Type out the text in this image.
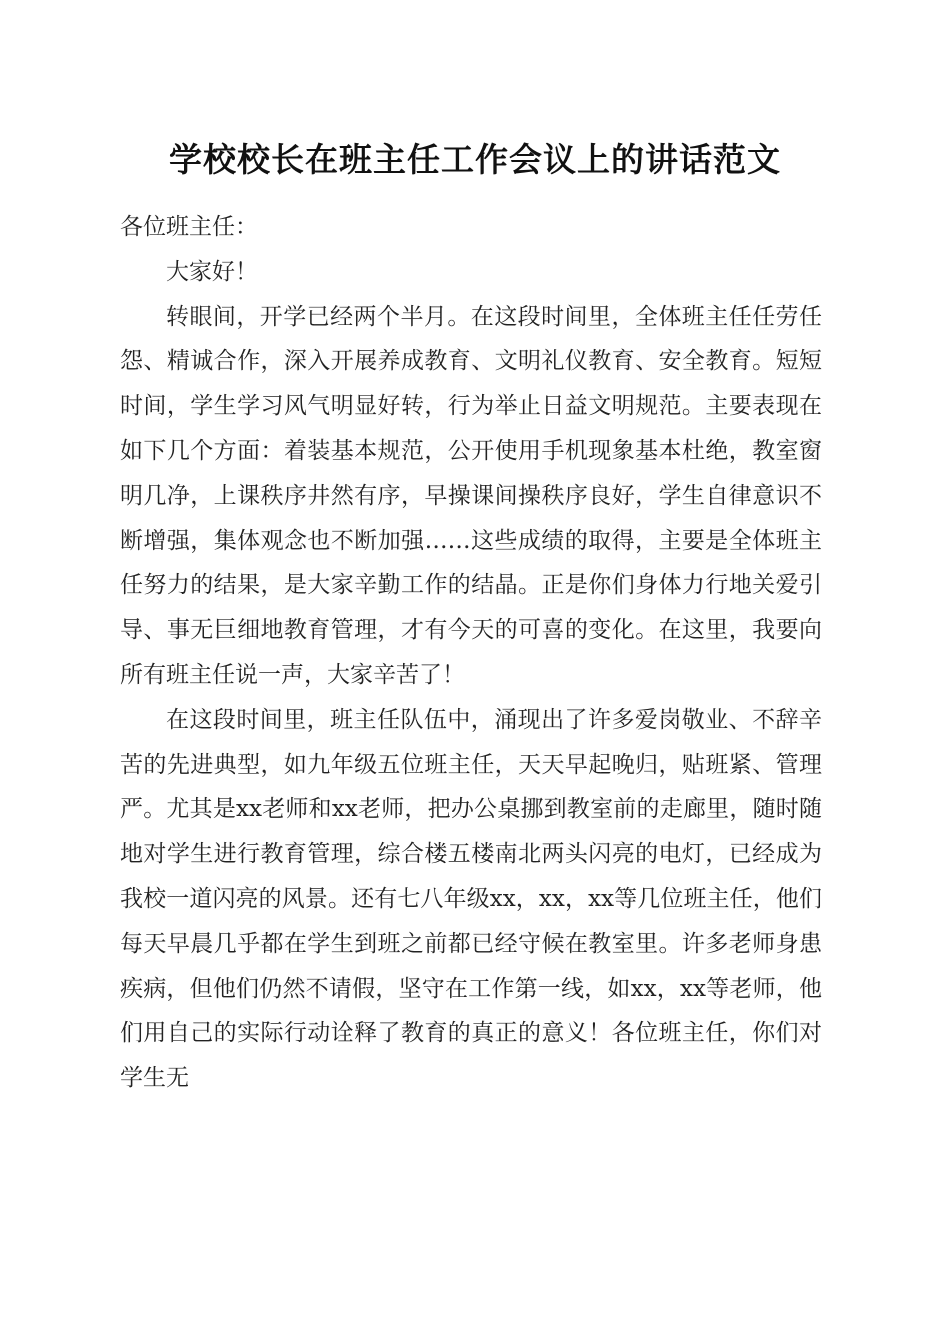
学校校长在班主任工作会议上的讲话范文

各位班主任：

大家好！

转眼间，开学已经两个半月。在这段时间里，全体班主任任劳任怨、精诚合作，深入开展养成教育、文明礼仪教育、安全教育。短短时间，学生学习风气明显好转，行为举止日益文明规范。主要表现在如下几个方面：着装基本规范，公开使用手机现象基本杜绝，教室窗明几净，上课秩序井然有序，早操课间操秩序良好，学生自律意识不断增强，集体观念也不断加强……这些成绩的取得，主要是全体班主任努力的结果，是大家辛勤工作的结晶。正是你们身体力行地关爱引导、事无巨细地教育管理，才有今天的可喜的变化。在这里，我要向所有班主任说一声，大家辛苦了！

在这段时间里，班主任队伍中，涌现出了许多爱岗敬业、不辞辛苦的先进典型，如九年级五位班主任，天天早起晚归，贴班紧、管理严。尤其是xx老师和xx老师，把办公桌挪到教室前的走廊里，随时随地对学生进行教育管理，综合楼五楼南北两头闪亮的电灯，已经成为我校一道闪亮的风景。还有七八年级xx，xx，xx等几位班主任，他们每天早晨几乎都在学生到班之前都已经守候在教室里。许多老师身患疾病，但他们仍然不请假，坚守在工作第一线，如xx，xx等老师，他们用自己的实际行动诠释了教育的真正的意义！各位班主任，你们对学生无
